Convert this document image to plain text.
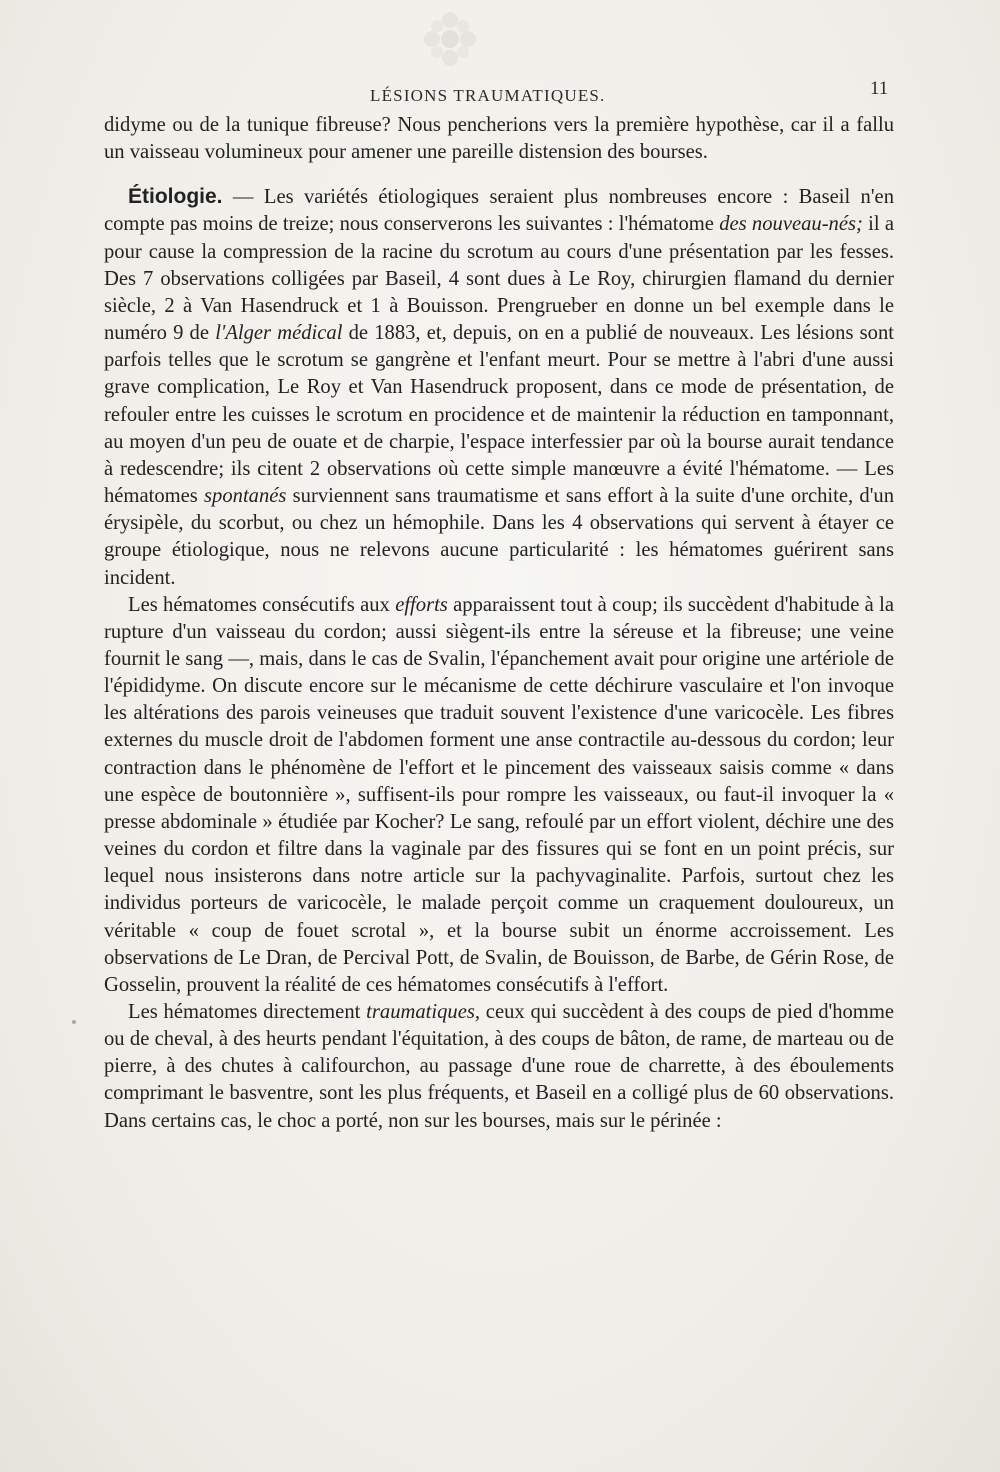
LÉSIONS TRAUMATIQUES.	11

didyme ou de la tunique fibreuse? Nous pencherions vers la première hypothèse, car il a fallu un vaisseau volumineux pour amener une pareille distension des bourses.

Étiologie. — Les variétés étiologiques seraient plus nombreuses encore : Baseil n'en compte pas moins de treize; nous conserverons les suivantes : l'hématome des nouveau-nés; il a pour cause la compression de la racine du scrotum au cours d'une présentation par les fesses. Des 7 observations colligées par Baseil, 4 sont dues à Le Roy, chirurgien flamand du dernier siècle, 2 à Van Hasendruck et 1 à Bouisson. Prengrueber en donne un bel exemple dans le numéro 9 de l'Alger médical de 1883, et, depuis, on en a publié de nouveaux. Les lésions sont parfois telles que le scrotum se gangrène et l'enfant meurt. Pour se mettre à l'abri d'une aussi grave complication, Le Roy et Van Hasendruck proposent, dans ce mode de présentation, de refouler entre les cuisses le scrotum en procidence et de maintenir la réduction en tamponnant, au moyen d'un peu de ouate et de charpie, l'espace interfessier par où la bourse aurait tendance à redescendre; ils citent 2 observations où cette simple manœuvre a évité l'hématome. — Les hématomes spontanés surviennent sans traumatisme et sans effort à la suite d'une orchite, d'un érysipèle, du scorbut, ou chez un hémophile. Dans les 4 observations qui servent à étayer ce groupe étiologique, nous ne relevons aucune particularité : les hématomes guérirent sans incident.

Les hématomes consécutifs aux efforts apparaissent tout à coup; ils succèdent d'habitude à la rupture d'un vaisseau du cordon; aussi siègent-ils entre la séreuse et la fibreuse; une veine fournit le sang —, mais, dans le cas de Svalin, l'épanchement avait pour origine une artériole de l'épididyme. On discute encore sur le mécanisme de cette déchirure vasculaire et l'on invoque les altérations des parois veineuses que traduit souvent l'existence d'une varicocèle. Les fibres externes du muscle droit de l'abdomen forment une anse contractile au-dessous du cordon; leur contraction dans le phénomène de l'effort et le pincement des vaisseaux saisis comme « dans une espèce de boutonnière », suffisent-ils pour rompre les vaisseaux, ou faut-il invoquer la « presse abdominale » étudiée par Kocher? Le sang, refoulé par un effort violent, déchire une des veines du cordon et filtre dans la vaginale par des fissures qui se font en un point précis, sur lequel nous insisterons dans notre article sur la pachyvaginalite. Parfois, surtout chez les individus porteurs de varicocèle, le malade perçoit comme un craquement douloureux, un véritable « coup de fouet scrotal », et la bourse subit un énorme accroissement. Les observations de Le Dran, de Percival Pott, de Svalin, de Bouisson, de Barbe, de Gérin Rose, de Gosselin, prouvent la réalité de ces hématomes consécutifs à l'effort.

Les hématomes directement traumatiques, ceux qui succèdent à des coups de pied d'homme ou de cheval, à des heurts pendant l'équitation, à des coups de bâton, de rame, de marteau ou de pierre, à des chutes à califourchon, au passage d'une roue de charrette, à des éboulements comprimant le basventre, sont les plus fréquents, et Baseil en a colligé plus de 60 observations. Dans certains cas, le choc a porté, non sur les bourses, mais sur le périnée :
